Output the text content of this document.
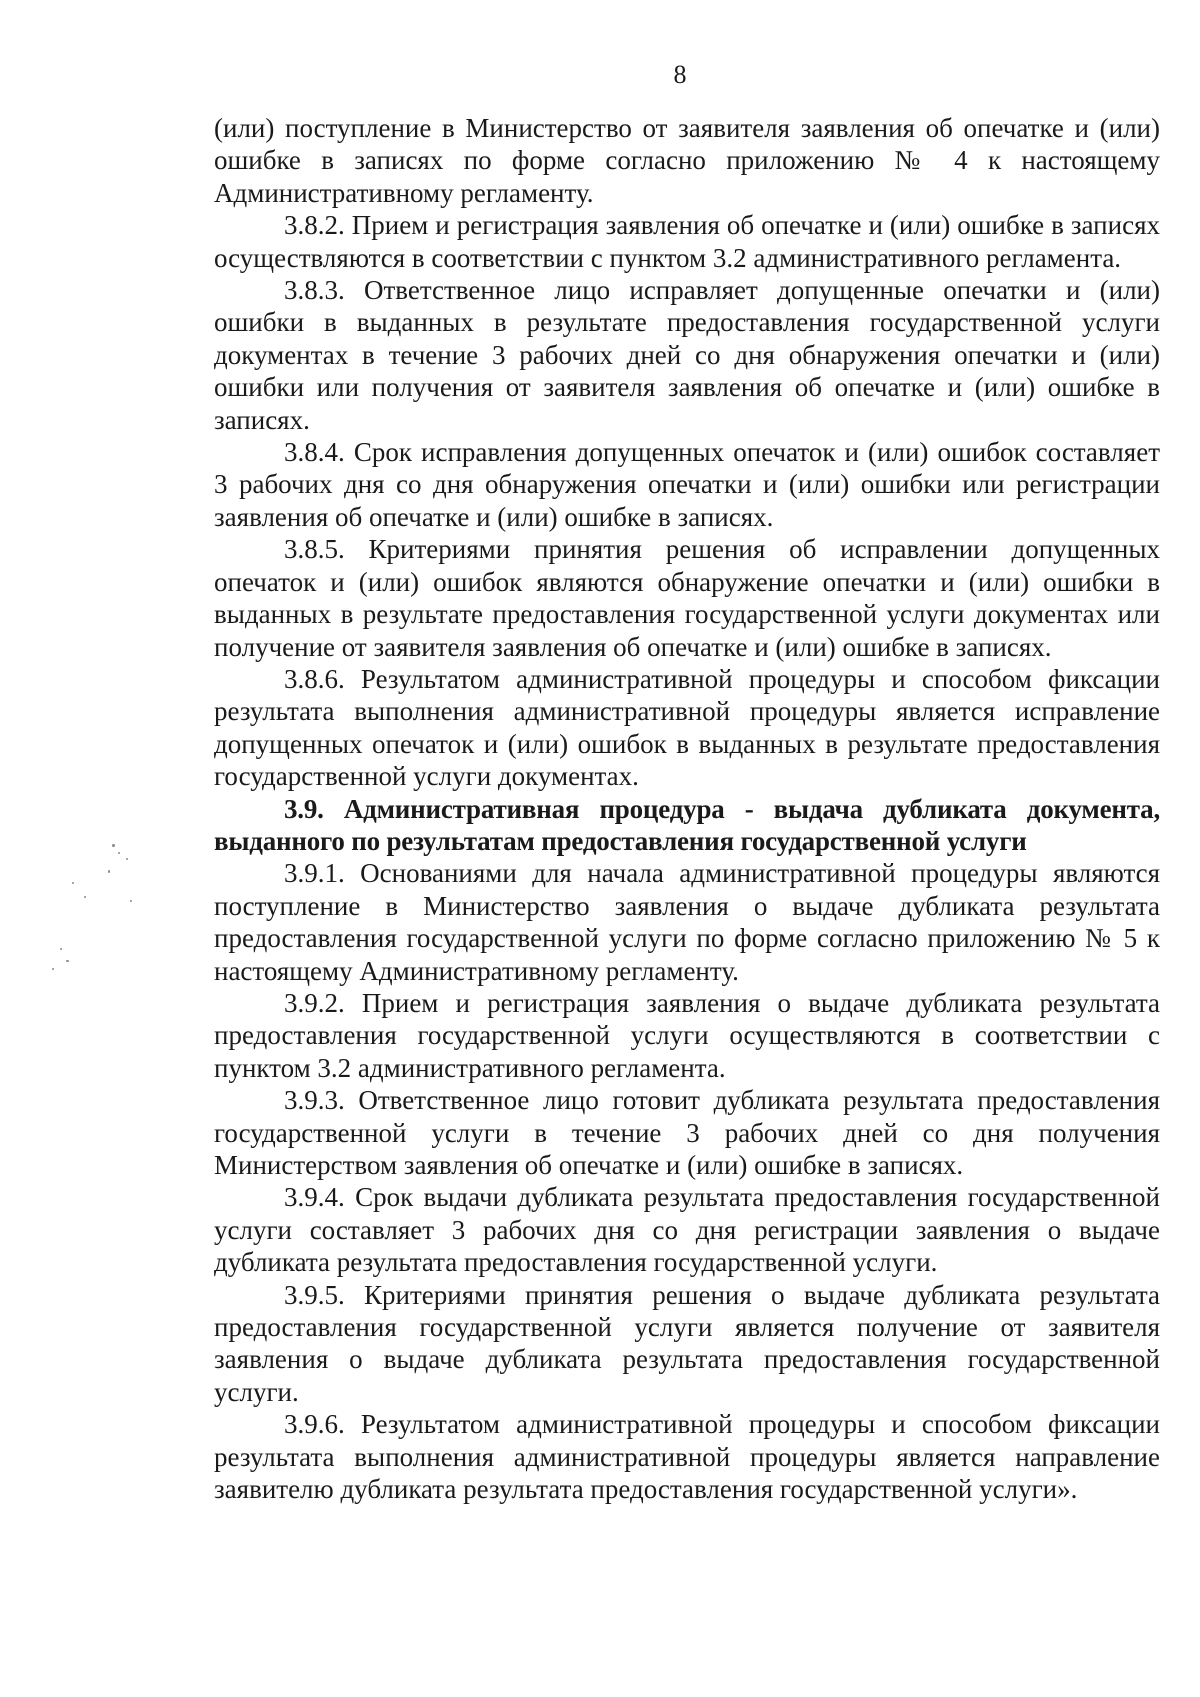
8

(или) поступление в Министерство от заявителя заявления об опечатке и (или) ошибке в записях по форме согласно приложению № 4 к настоящему Административному регламенту.

3.8.2. Прием и регистрация заявления об опечатке и (или) ошибке в записях осуществляются в соответствии с пунктом 3.2 административного регламента.

3.8.3. Ответственное лицо исправляет допущенные опечатки и (или) ошибки в выданных в результате предоставления государственной услуги документах в течение 3 рабочих дней со дня обнаружения опечатки и (или) ошибки или получения от заявителя заявления об опечатке и (или) ошибке в записях.

3.8.4. Срок исправления допущенных опечаток и (или) ошибок составляет 3 рабочих дня со дня обнаружения опечатки и (или) ошибки или регистрации заявления об опечатке и (или) ошибке в записях.

3.8.5. Критериями принятия решения об исправлении допущенных опечаток и (или) ошибок являются обнаружение опечатки и (или) ошибки в выданных в результате предоставления государственной услуги документах или получение от заявителя заявления об опечатке и (или) ошибке в записях.

3.8.6. Результатом административной процедуры и способом фиксации результата выполнения административной процедуры является исправление допущенных опечаток и (или) ошибок в выданных в результате предоставления государственной услуги документах.

3.9. Административная процедура - выдача дубликата документа, выданного по результатам предоставления государственной услуги

3.9.1. Основаниями для начала административной процедуры являются поступление в Министерство заявления о выдаче дубликата результата предоставления государственной услуги по форме согласно приложению № 5 к настоящему Административному регламенту.

3.9.2. Прием и регистрация заявления о выдаче дубликата результата предоставления государственной услуги осуществляются в соответствии с пунктом 3.2 административного регламента.

3.9.3. Ответственное лицо готовит дубликата результата предоставления государственной услуги в течение 3 рабочих дней со дня получения Министерством заявления об опечатке и (или) ошибке в записях.

3.9.4. Срок выдачи дубликата результата предоставления государственной услуги составляет 3 рабочих дня со дня регистрации заявления о выдаче дубликата результата предоставления государственной услуги.

3.9.5. Критериями принятия решения о выдаче дубликата результата предоставления государственной услуги является получение от заявителя заявления о выдаче дубликата результата предоставления государственной услуги.

3.9.6. Результатом административной процедуры и способом фиксации результата выполнения административной процедуры является направление заявителю дубликата результата предоставления государственной услуги».
